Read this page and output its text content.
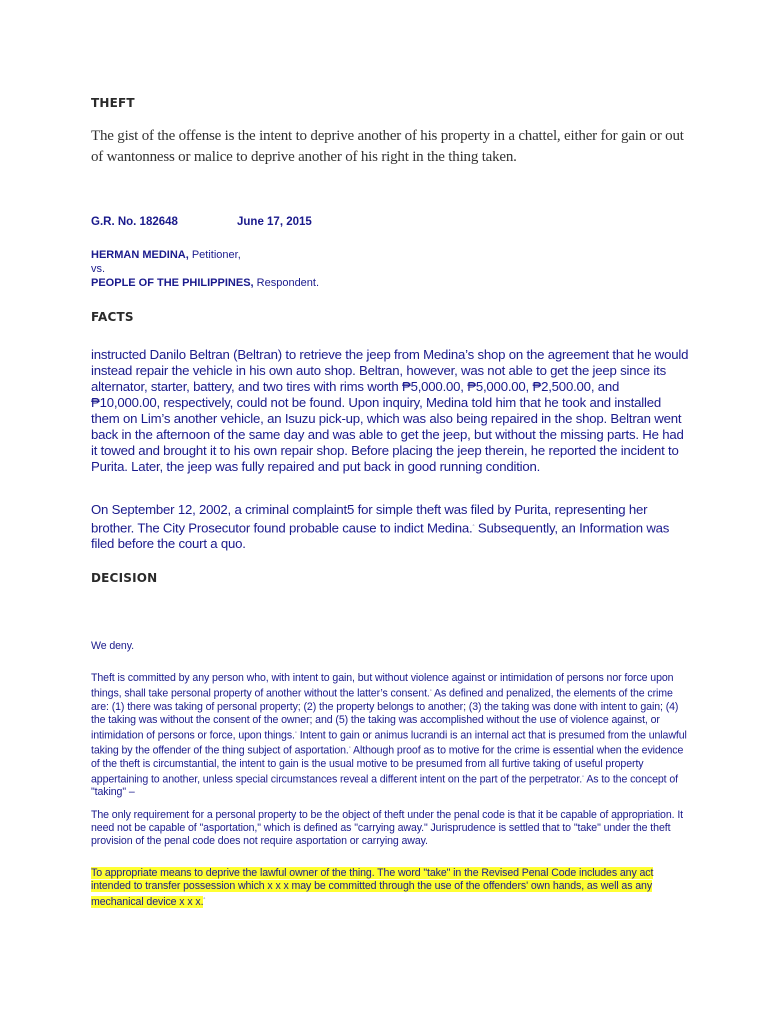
THEFT
The gist of the offense is the intent to deprive another of his property in a chattel, either for gain or out of wantonness or malice to deprive another of his right in the thing taken.
G.R. No. 182648	June 17, 2015
HERMAN MEDINA, Petitioner,
vs.
PEOPLE OF THE PHILIPPINES, Respondent.
FACTS
instructed Danilo Beltran (Beltran) to retrieve the jeep from Medina’s shop on the agreement that he would instead repair the vehicle in his own auto shop. Beltran, however, was not able to get the jeep since its alternator, starter, battery, and two tires with rims worth ₱5,000.00, ₱5,000.00, ₱2,500.00, and ₱10,000.00, respectively, could not be found. Upon inquiry, Medina told him that he took and installed them on Lim’s another vehicle, an Isuzu pick-up, which was also being repaired in the shop. Beltran went back in the afternoon of the same day and was able to get the jeep, but without the missing parts. He had it towed and brought it to his own repair shop. Before placing the jeep therein, he reported the incident to Purita. Later, the jeep was fully repaired and put back in good running condition.
On September 12, 2002, a criminal complaint5 for simple theft was filed by Purita, representing her brother. The City Prosecutor found probable cause to indict Medina.◦ Subsequently, an Information was filed before the court a quo.
DECISION
We deny.
Theft is committed by any person who, with intent to gain, but without violence against or intimidation of persons nor force upon things, shall take personal property of another without the latter’s consent.◦ As defined and penalized, the elements of the crime are: (1) there was taking of personal property; (2) the property belongs to another; (3) the taking was done with intent to gain; (4) the taking was without the consent of the owner; and (5) the taking was accomplished without the use of violence against, or intimidation of persons or force, upon things.◦ Intent to gain or animus lucrandi is an internal act that is presumed from the unlawful taking by the offender of the thing subject of asportation.◦ Although proof as to motive for the crime is essential when the evidence of the theft is circumstantial, the intent to gain is the usual motive to be presumed from all furtive taking of useful property appertaining to another, unless special circumstances reveal a different intent on the part of the perpetrator.◦ As to the concept of "taking" –
The only requirement for a personal property to be the object of theft under the penal code is that it be capable of appropriation. It need not be capable of "asportation," which is defined as "carrying away." Jurisprudence is settled that to "take" under the theft provision of the penal code does not require asportation or carrying away.
To appropriate means to deprive the lawful owner of the thing. The word "take" in the Revised Penal Code includes any act intended to transfer possession which x x x may be committed through the use of the offenders' own hands, as well as any mechanical device x x x.◦
